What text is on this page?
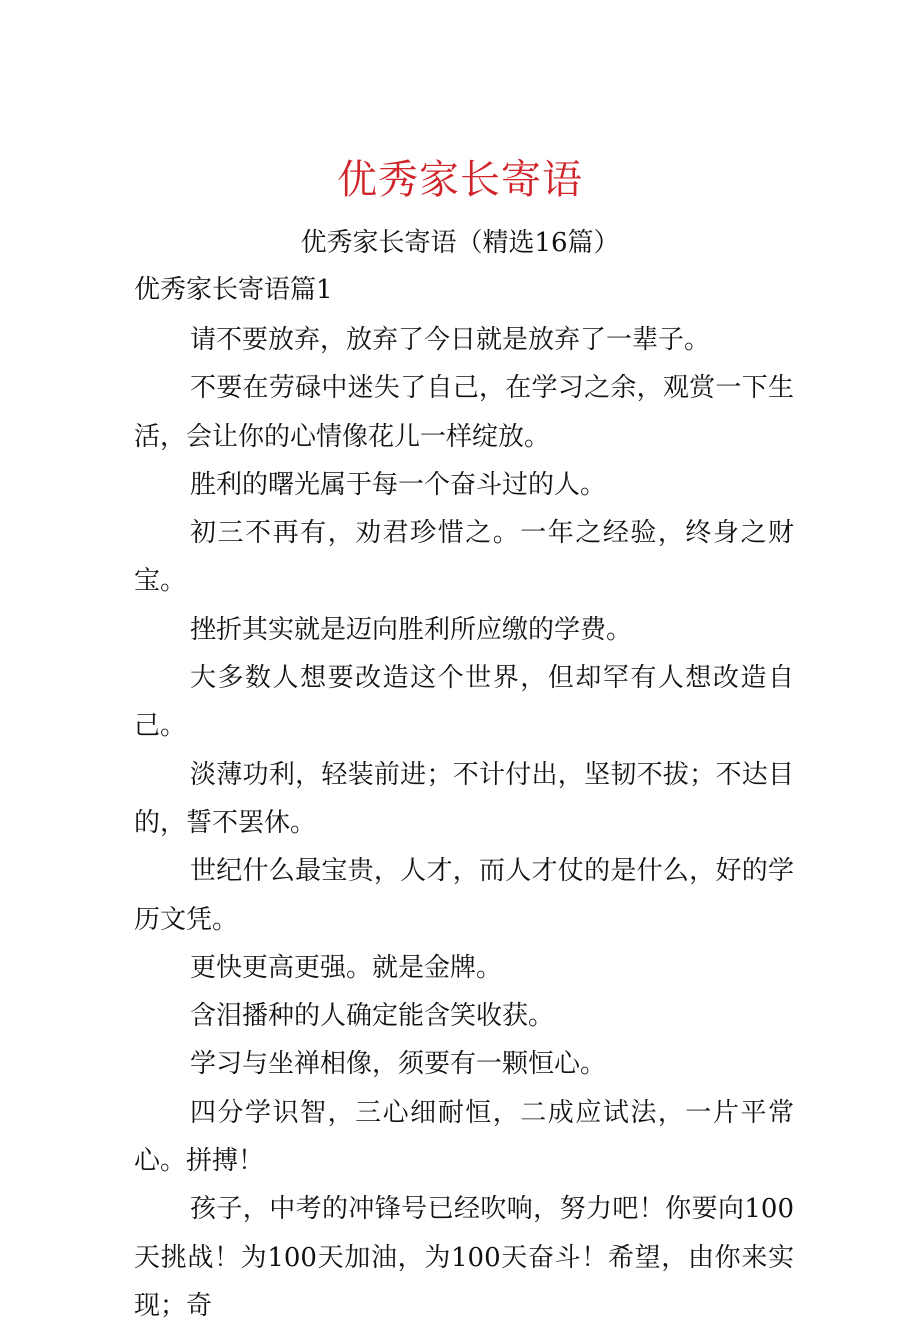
优秀家长寄语
优秀家长寄语（精选16篇）
优秀家长寄语篇1

请不要放弃，放弃了今日就是放弃了一辈子。

不要在劳碌中迷失了自己，在学习之余，观赏一下生活，会让你的心情像花儿一样绽放。

胜利的曙光属于每一个奋斗过的人。

初三不再有，劝君珍惜之。一年之经验，终身之财宝。

挫折其实就是迈向胜利所应缴的学费。

大多数人想要改造这个世界，但却罕有人想改造自己。

淡薄功利，轻装前进；不计付出，坚韧不拔；不达目的，誓不罢休。

世纪什么最宝贵，人才，而人才仗的是什么，好的学历文凭。

更快更高更强。就是金牌。

含泪播种的人确定能含笑收获。

学习与坐禅相像，须要有一颗恒心。

四分学识智，三心细耐恒，二成应试法，一片平常心。拼搏！

孩子，中考的冲锋号已经吹响，努力吧！你要向100天挑战！为100天加油，为100天奋斗！希望，由你来实现；奇
